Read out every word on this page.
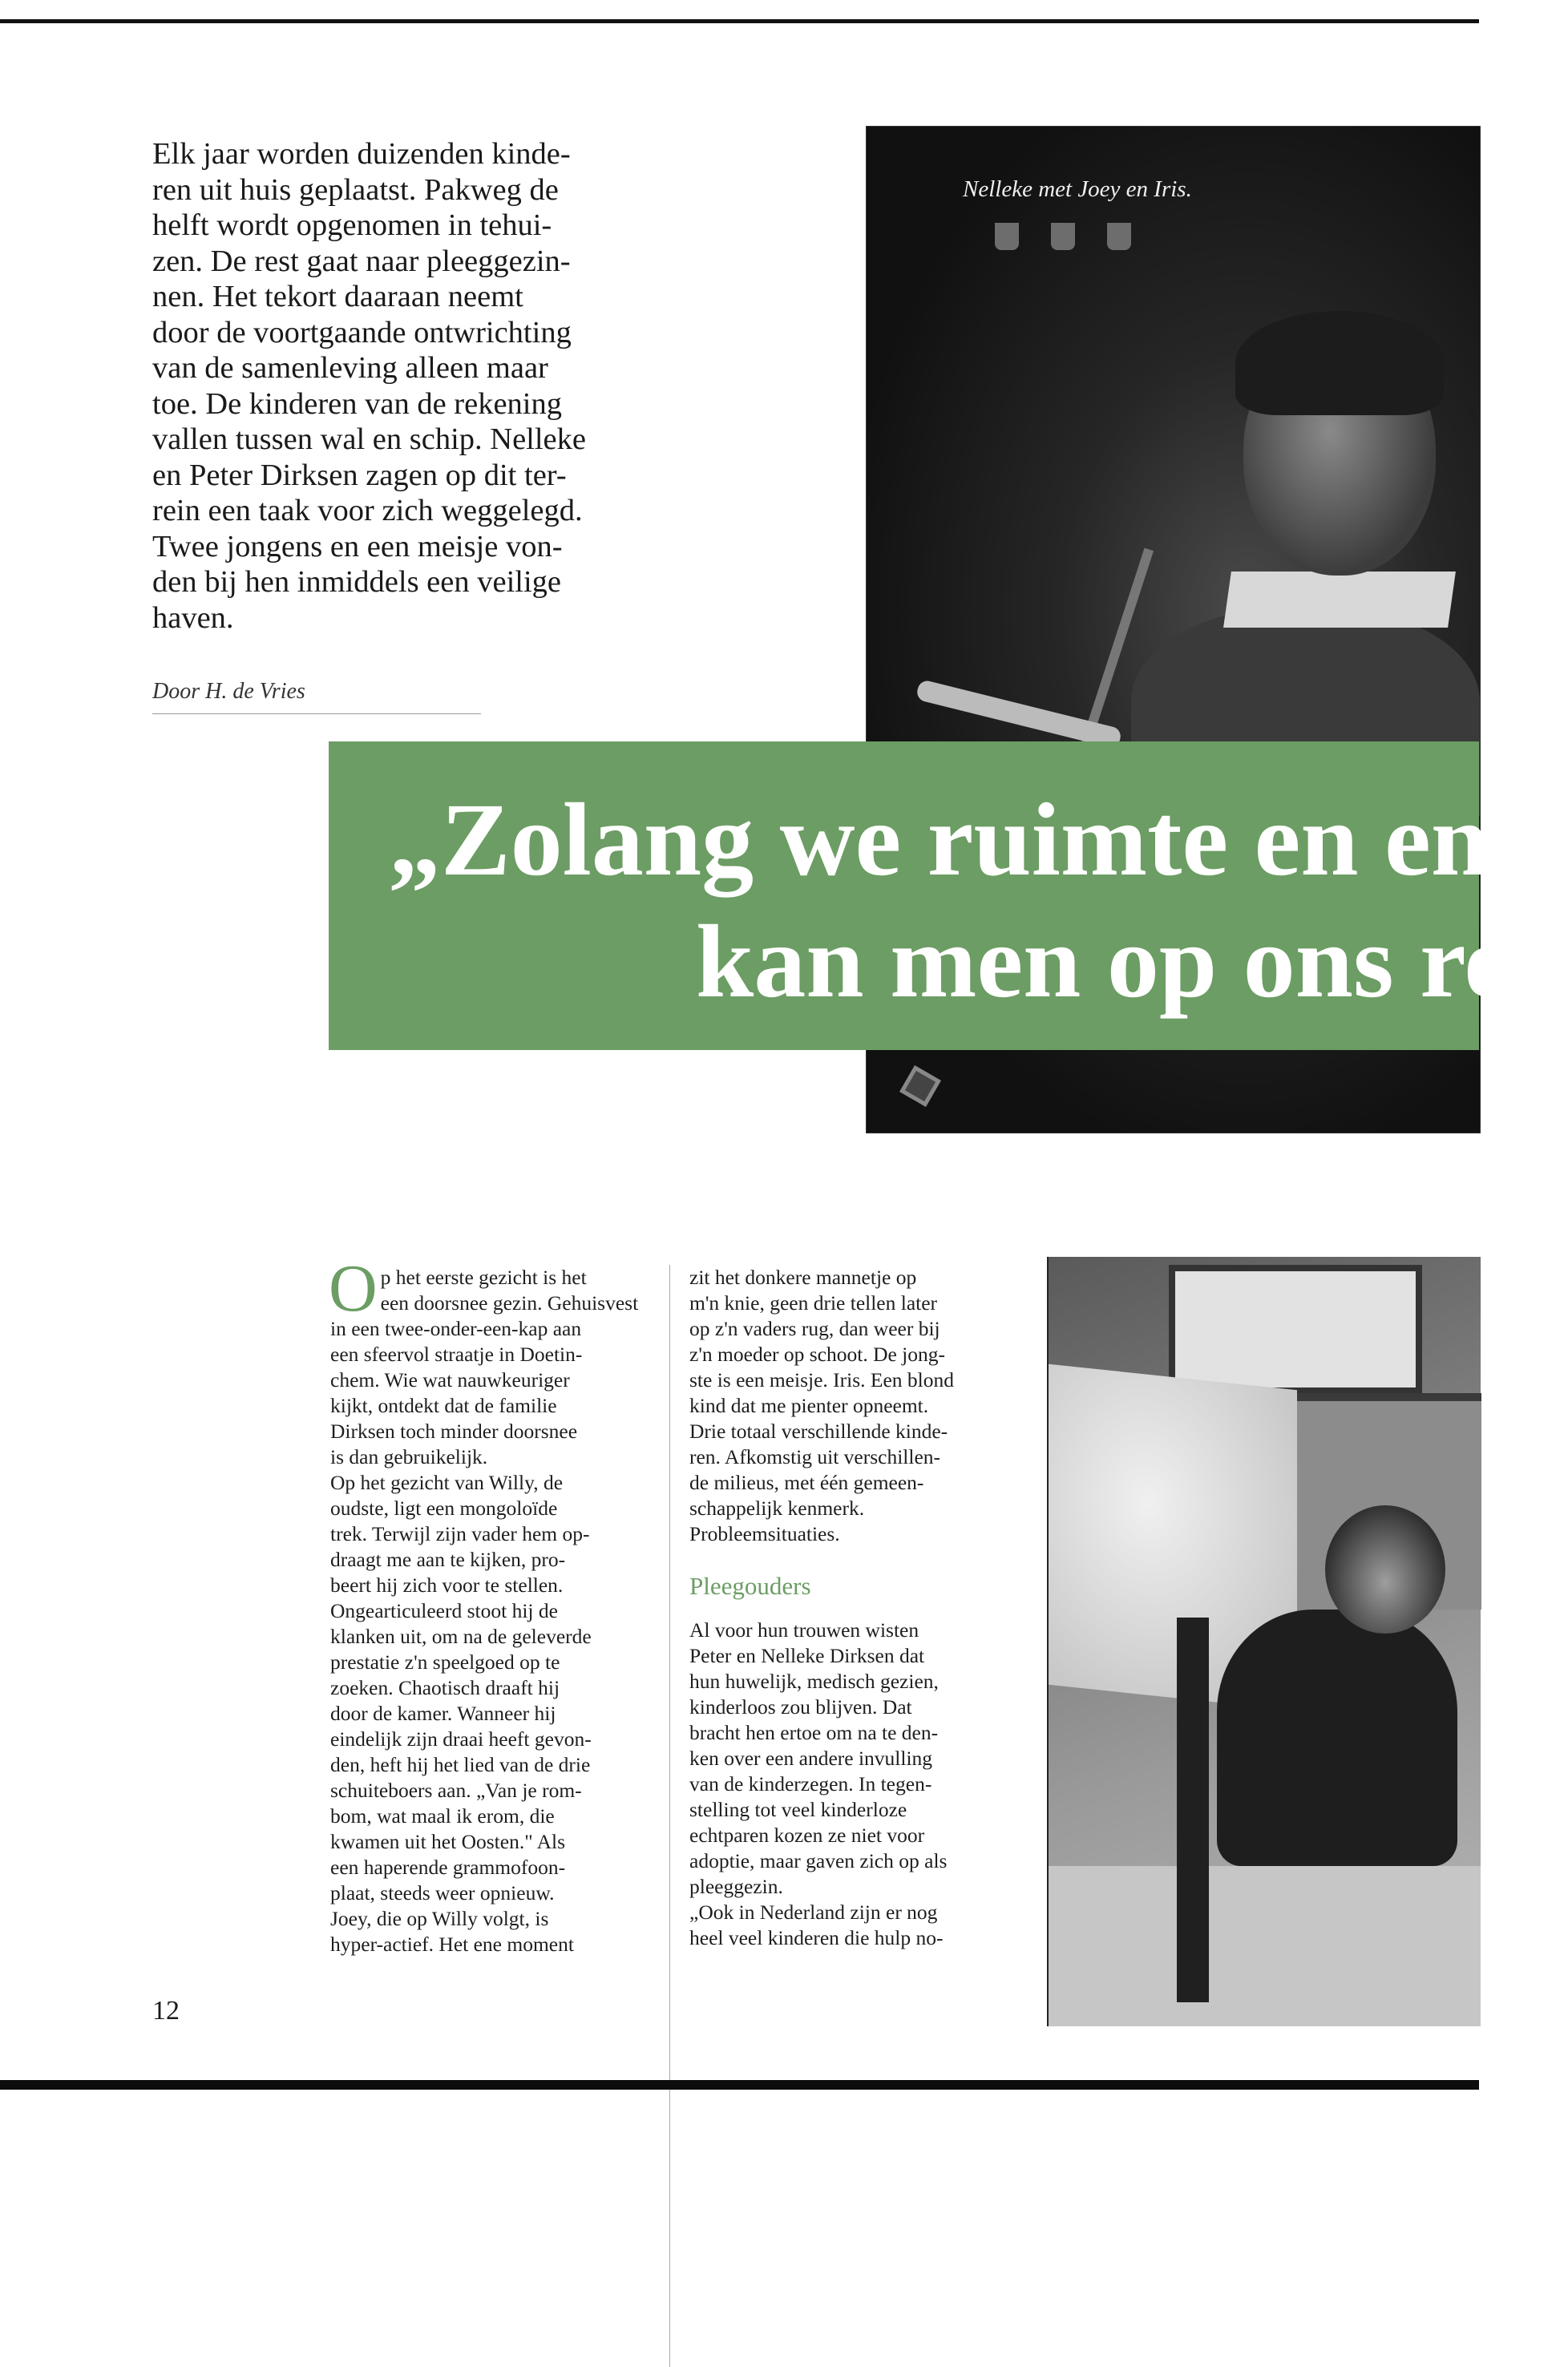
Elk jaar worden duizenden kinde-
ren uit huis geplaatst. Pakweg de
helft wordt opgenomen in tehui-
zen. De rest gaat naar pleeggezin-
nen. Het tekort daaraan neemt
door de voortgaande ontwrichting
van de samenleving alleen maar
toe. De kinderen van de rekening
vallen tussen wal en schip. Nelleke
en Peter Dirksen zagen op dit ter-
rein een taak voor zich weggelegd.
Twee jongens en een meisje von-
den bij hen inmiddels een veilige
haven.
Door H. de Vries
Nelleke met Joey en Iris.
„Zolang we ruimte en ene
kan men op ons rek

Op het eerste gezicht is het
een doorsnee gezin. Gehuisvest
in een twee-onder-een-kap aan
een sfeervol straatje in Doetin-
chem. Wie wat nauwkeuriger
kijkt, ontdekt dat de familie
Dirksen toch minder doorsnee
is dan gebruikelijk.

Op het gezicht van Willy, de
oudste, ligt een mongoloïde
trek. Terwijl zijn vader hem op-
draagt me aan te kijken, pro-
beert hij zich voor te stellen.
Ongearticuleerd stoot hij de
klanken uit, om na de geleverde
prestatie z'n speelgoed op te
zoeken. Chaotisch draaft hij
door de kamer. Wanneer hij
eindelijk zijn draai heeft gevon-
den, heft hij het lied van de drie
schuiteboers aan. „Van je rom-
bom, wat maal ik erom, die
kwamen uit het Oosten." Als
een haperende grammofoon-
plaat, steeds weer opnieuw.

Joey, die op Willy volgt, is
hyper-actief. Het ene moment

zit het donkere mannetje op
m'n knie, geen drie tellen later
op z'n vaders rug, dan weer bij
z'n moeder op schoot. De jong-
ste is een meisje. Iris. Een blond
kind dat me pienter opneemt.
Drie totaal verschillende kinde-
ren. Afkomstig uit verschillen-
de milieus, met één gemeen-
schappelijk kenmerk.
Probleemsituaties.

Pleegouders

Al voor hun trouwen wisten
Peter en Nelleke Dirksen dat
hun huwelijk, medisch gezien,
kinderloos zou blijven. Dat
bracht hen ertoe om na te den-
ken over een andere invulling
van de kinderzegen. In tegen-
stelling tot veel kinderloze
echtparen kozen ze niet voor
adoptie, maar gaven zich op als
pleeggezin.

„Ook in Nederland zijn er nog
heel veel kinderen die hulp no-

12
